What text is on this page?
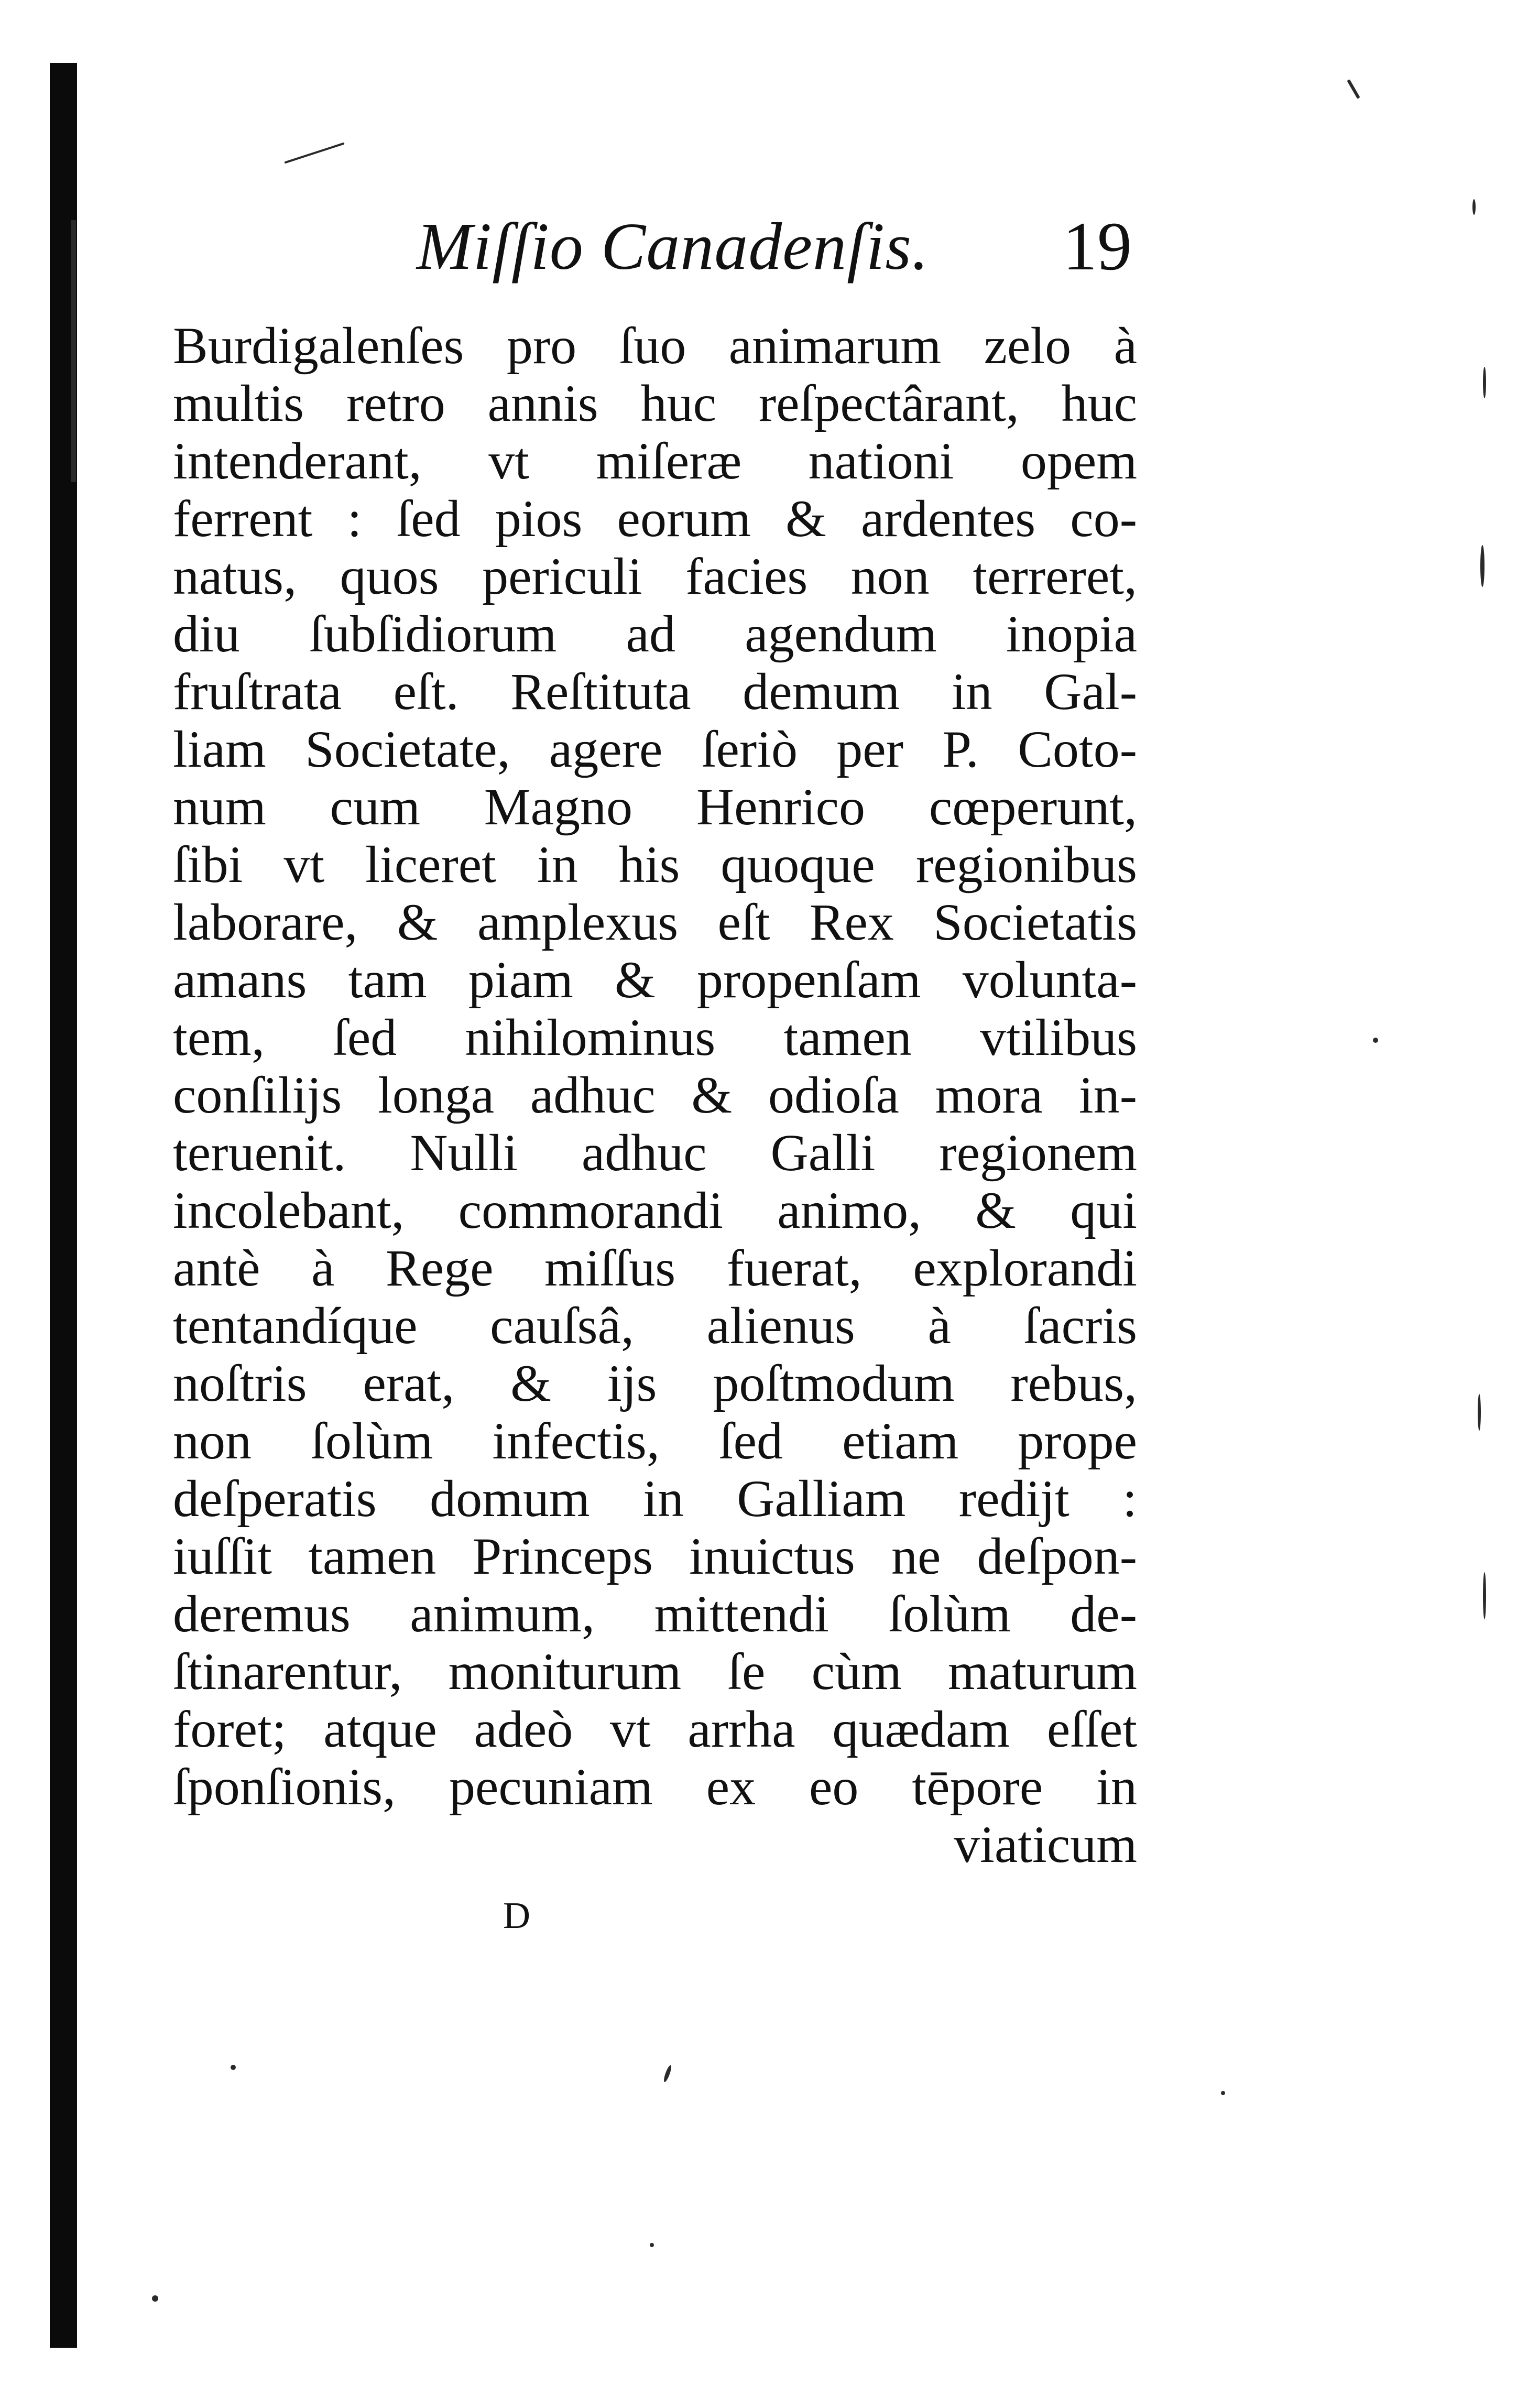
Miſſio Canadenſis. 19
Burdigalenſes pro ſuo animarum zelo à
multis retro annis huc reſpectârant, huc
intenderant, vt miſeræ nationi opem
ferrent : ſed pios eorum & ardentes co-
natus, quos periculi facies non terreret,
diu ſubſidiorum ad agendum inopia
fruſtrata eſt. Reſtituta demum in Gal-
liam Societate, agere ſeriò per P. Coto-
num cum Magno Henrico cœperunt,
ſibi vt liceret in his quoque regionibus
laborare, & amplexus eſt Rex Societatis
amans tam piam & propenſam volunta-
tem, ſed nihilominus tamen vtilibus
conſilijs longa adhuc & odioſa mora in-
teruenit. Nulli adhuc Galli regionem
incolebant, commorandi animo, & qui
antè à Rege miſſus fuerat, explorandi
tentandíque cauſsâ, alienus à ſacris
noſtris erat, & ijs poſtmodum rebus,
non ſolùm infectis, ſed etiam prope
deſperatis domum in Galliam redijt :
iuſſit tamen Princeps inuictus ne deſpon-
deremus animum, mittendi ſolùm de-
ſtinarentur, moniturum ſe cùm maturum
foret; atque adeò vt arrha quædam eſſet
ſponſionis, pecuniam ex eo tēpore in
viaticum
D
